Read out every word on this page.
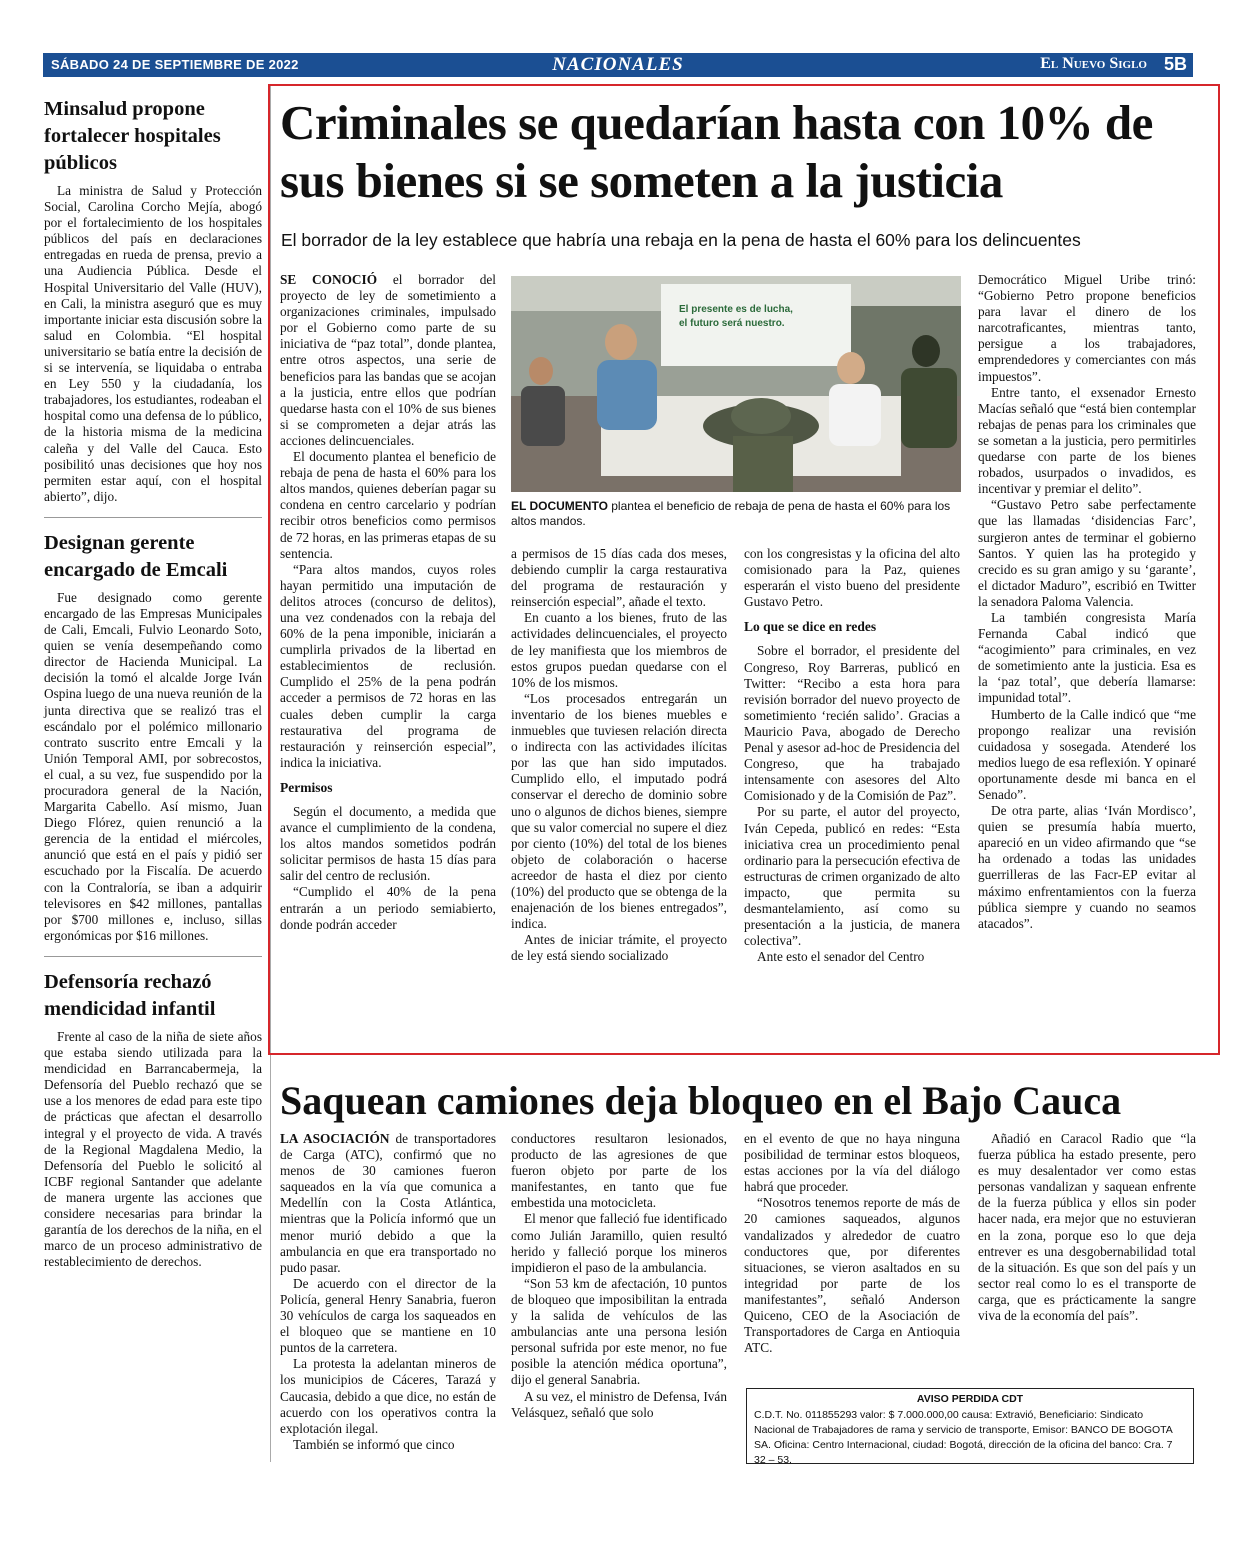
SÁBADO 24 DE SEPTIEMBRE DE 2022	NACIONALES	El Nuevo Siglo 5B
Minsalud propone fortalecer hospitales públicos

La ministra de Salud y Protección Social, Carolina Corcho Mejía, abogó por el fortalecimiento de los hospitales públicos del país en declaraciones entregadas en rueda de prensa, previo a una Audiencia Pública. Desde el Hospital Universitario del Valle (HUV), en Cali, la ministra aseguró que es muy importante iniciar esta discusión sobre la salud en Colombia. “El hospital universitario se batía entre la decisión de si se intervenía, se liquidaba o entraba en Ley 550 y la ciudadanía, los trabajadores, los estudiantes, rodeaban el hospital como una defensa de lo público, de la historia misma de la medicina caleña y del Valle del Cauca. Esto posibilitó unas decisiones que hoy nos permiten estar aquí, con el hospital abierto”, dijo.

Designan gerente encargado de Emcali

Fue designado como gerente encargado de las Empresas Municipales de Cali, Emcali, Fulvio Leonardo Soto, quien se venía desempeñando como director de Hacienda Municipal. La decisión la tomó el alcalde Jorge Iván Ospina luego de una nueva reunión de la junta directiva que se realizó tras el escándalo por el polémico millonario contrato suscrito entre Emcali y la Unión Temporal AMI, por sobrecostos, el cual, a su vez, fue suspendido por la procuradora general de la Nación, Margarita Cabello. Así mismo, Juan Diego Flórez, quien renunció a la gerencia de la entidad el miércoles, anunció que está en el país y pidió ser escuchado por la Fiscalía. De acuerdo con la Contraloría, se iban a adquirir televisores en $42 millones, pantallas por $700 millones e, incluso, sillas ergonómicas por $16 millones.

Defensoría rechazó mendicidad infantil

Frente al caso de la niña de siete años que estaba siendo utilizada para la mendicidad en Barrancabermeja, la Defensoría del Pueblo rechazó que se use a los menores de edad para este tipo de prácticas que afectan el desarrollo integral y el proyecto de vida. A través de la Regional Magdalena Medio, la Defensoría del Pueblo le solicitó al ICBF regional Santander que adelante de manera urgente las acciones que considere necesarias para brindar la garantía de los derechos de la niña, en el marco de un proceso administrativo de restablecimiento de derechos.

Criminales se quedarían hasta con 10% de sus bienes si se someten a la justicia
El borrador de la ley establece que habría una rebaja en la pena de hasta el 60% para los delincuentes

SE CONOCIÓ el borrador del proyecto de ley de sometimiento a organizaciones criminales, impulsado por el Gobierno como parte de su iniciativa de “paz total”, donde plantea, entre otros aspectos, una serie de beneficios para las bandas que se acojan a la justicia, entre ellos que podrían quedarse hasta con el 10% de sus bienes si se comprometen a dejar atrás las acciones delincuenciales.

El documento plantea el beneficio de rebaja de pena de hasta el 60% para los altos mandos, quienes deberían pagar su condena en centro carcelario y podrían recibir otros beneficios como permisos de 72 horas, en las primeras etapas de su sentencia.

“Para altos mandos, cuyos roles hayan permitido una imputación de delitos atroces (concurso de delitos), una vez condenados con la rebaja del 60% de la pena imponible, iniciarán a cumplirla privados de la libertad en establecimientos de reclusión. Cumplido el 25% de la pena podrán acceder a permisos de 72 horas en las cuales deben cumplir la carga restaurativa del programa de restauración y reinserción especial”, indica la iniciativa.

Permisos

Según el documento, a medida que avance el cumplimiento de la condena, los altos mandos sometidos podrán solicitar permisos de hasta 15 días para salir del centro de reclusión.

“Cumplido el 40% de la pena entrarán a un periodo semiabierto, donde podrán acceder

El presente es de lucha, el futuro será nuestro.
EL DOCUMENTO plantea el beneficio de rebaja de pena de hasta el 60% para los altos mandos.

a permisos de 15 días cada dos meses, debiendo cumplir la carga restaurativa del programa de restauración y reinserción especial”, añade el texto.

En cuanto a los bienes, fruto de las actividades delincuenciales, el proyecto de ley manifiesta que los miembros de estos grupos puedan quedarse con el 10% de los mismos.

“Los procesados entregarán un inventario de los bienes muebles e inmuebles que tuviesen relación directa o indirecta con las actividades ilícitas por las que han sido imputados. Cumplido ello, el imputado podrá conservar el derecho de dominio sobre uno o algunos de dichos bienes, siempre que su valor comercial no supere el diez por ciento (10%) del total de los bienes objeto de colaboración o hacerse acreedor de hasta el diez por ciento (10%) del producto que se obtenga de la enajenación de los bienes entregados”, indica.

Antes de iniciar trámite, el proyecto de ley está siendo socializado

con los congresistas y la oficina del alto comisionado para la Paz, quienes esperarán el visto bueno del presidente Gustavo Petro.

Lo que se dice en redes

Sobre el borrador, el presidente del Congreso, Roy Barreras, publicó en Twitter: “Recibo a esta hora para revisión borrador del nuevo proyecto de sometimiento ‘recién salido’. Gracias a Mauricio Pava, abogado de Derecho Penal y asesor ad-hoc de Presidencia del Congreso, que ha trabajado intensamente con asesores del Alto Comisionado y de la Comisión de Paz”.

Por su parte, el autor del proyecto, Iván Cepeda, publicó en redes: “Esta iniciativa crea un procedimiento penal ordinario para la persecución efectiva de estructuras de crimen organizado de alto impacto, que permita su desmantelamiento, así como su presentación a la justicia, de manera colectiva”.

Ante esto el senador del Centro

Democrático Miguel Uribe trinó: “Gobierno Petro propone beneficios para lavar el dinero de los narcotraficantes, mientras tanto, persigue a los trabajadores, emprendedores y comerciantes con más impuestos”.

Entre tanto, el exsenador Ernesto Macías señaló que “está bien contemplar rebajas de penas para los criminales que se sometan a la justicia, pero permitirles quedarse con parte de los bienes robados, usurpados o invadidos, es incentivar y premiar el delito”.

“Gustavo Petro sabe perfectamente que las llamadas ‘disidencias Farc’, surgieron antes de terminar el gobierno Santos. Y quien las ha protegido y crecido es su gran amigo y su ‘garante’, el dictador Maduro”, escribió en Twitter la senadora Paloma Valencia.

La también congresista María Fernanda Cabal indicó que “acogimiento” para criminales, en vez de sometimiento ante la justicia. Esa es la ‘paz total’, que debería llamarse: impunidad total”.

Humberto de la Calle indicó que “me propongo realizar una revisión cuidadosa y sosegada. Atenderé los medios luego de esa reflexión. Y opinaré oportunamente desde mi banca en el Senado”.

De otra parte, alias ‘Iván Mordisco’, quien se presumía había muerto, apareció en un video afirmando que “se ha ordenado a todas las unidades guerrilleras de las Facr-EP evitar al máximo enfrentamientos con la fuerza pública siempre y cuando no seamos atacados”.

Saquean camiones deja bloqueo en el Bajo Cauca

LA ASOCIACIÓN de transportadores de Carga (ATC), confirmó que no menos de 30 camiones fueron saqueados en la vía que comunica a Medellín con la Costa Atlántica, mientras que la Policía informó que un menor murió debido a que la ambulancia en que era transportado no pudo pasar.

De acuerdo con el director de la Policía, general Henry Sanabria, fueron 30 vehículos de carga los saqueados en el bloqueo que se mantiene en 10 puntos de la carretera.

La protesta la adelantan mineros de los municipios de Cáceres, Tarazá y Caucasia, debido a que dice, no están de acuerdo con los operativos contra la explotación ilegal.

También se informó que cinco

conductores resultaron lesionados, producto de las agresiones de que fueron objeto por parte de los manifestantes, en tanto que fue embestida una motocicleta.

El menor que falleció fue identificado como Julián Jaramillo, quien resultó herido y falleció porque los mineros impidieron el paso de la ambulancia.

“Son 53 km de afectación, 10 puntos de bloqueo que imposibilitan la entrada y la salida de vehículos de las ambulancias ante una persona lesión personal sufrida por este menor, no fue posible la atención médica oportuna”, dijo el general Sanabria.

A su vez, el ministro de Defensa, Iván Velásquez, señaló que solo

en el evento de que no haya ninguna posibilidad de terminar estos bloqueos, estas acciones por la vía del diálogo habrá que proceder.

“Nosotros tenemos reporte de más de 20 camiones saqueados, algunos vandalizados y alrededor de cuatro conductores que, por diferentes situaciones, se vieron asaltados en su integridad por parte de los manifestantes”, señaló Anderson Quiceno, CEO de la Asociación de Transportadores de Carga en Antioquia ATC.

Añadió en Caracol Radio que “la fuerza pública ha estado presente, pero es muy desalentador ver como estas personas vandalizan y saquean enfrente de la fuerza pública y ellos sin poder hacer nada, era mejor que no estuvieran en la zona, porque eso lo que deja entrever es una desgobernabilidad total de la situación. Es que son del país y un sector real como lo es el transporte de carga, que es prácticamente la sangre viva de la economía del país”.

AVISO PERDIDA CDT
C.D.T. No. 011855293 valor: $ 7.000.000,00 causa: Extravió, Beneficiario: Sindicato Nacional de Trabajadores de rama y servicio de transporte, Emisor: BANCO DE BOGOTA SA. Oficina: Centro Internacional, ciudad: Bogotá, dirección de la oficina del banco: Cra. 7 32 – 53.
